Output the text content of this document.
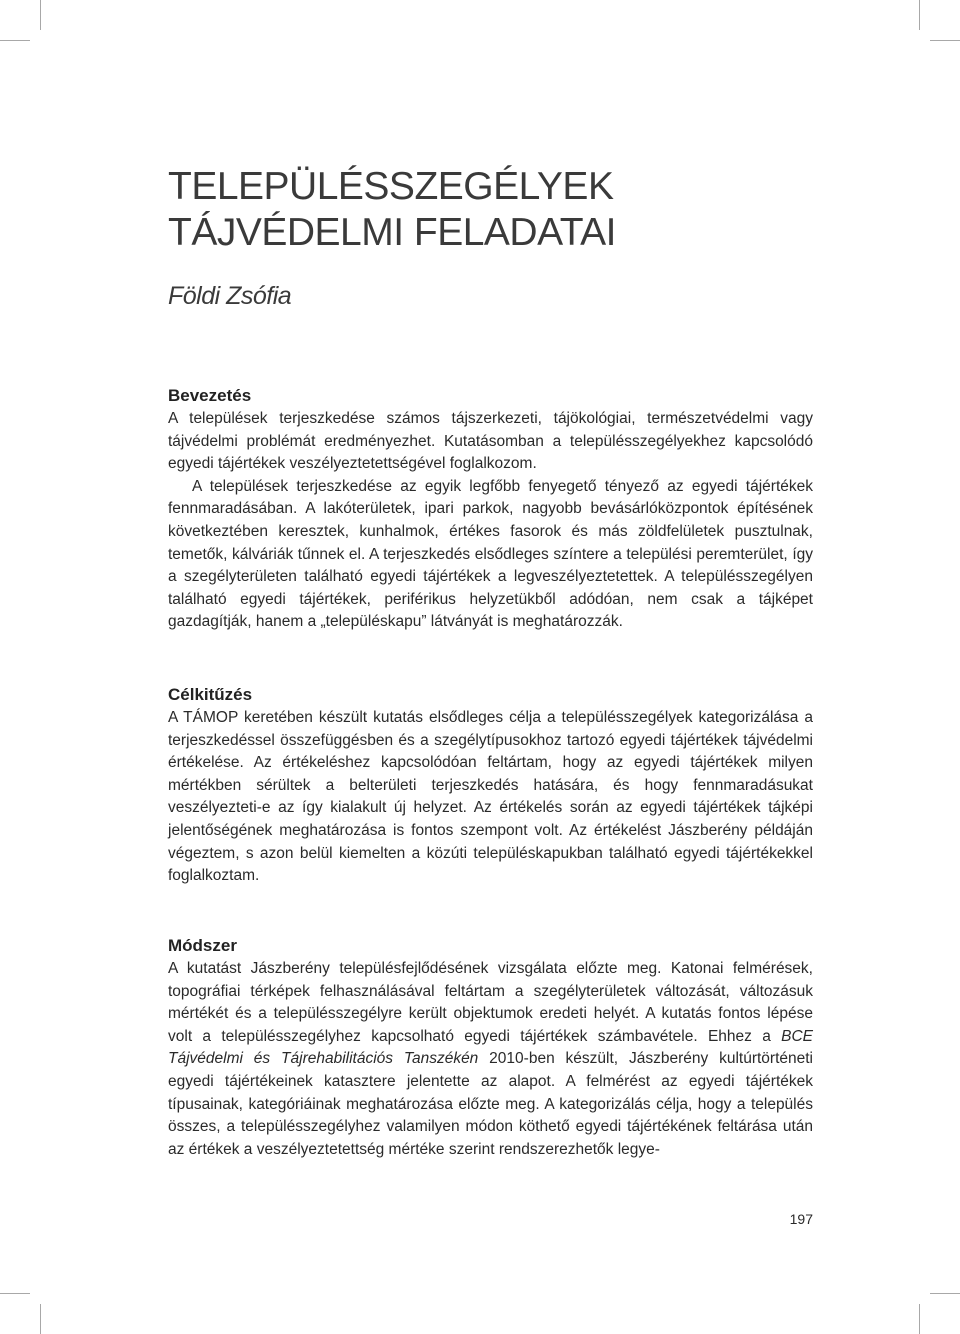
TELEPÜLÉSSZEGÉLYEK
TÁJVÉDELMI FELADATAI
Földi Zsófia
Bevezetés

A települések terjeszkedése számos tájszerkezeti, tájökológiai, természetvédelmi vagy tájvédelmi problémát eredményezhet. Kutatásomban a településszegélyekhez kapcsolódó egyedi tájértékek veszélyeztetettségével foglalkozom.

A települések terjeszkedése az egyik legfőbb fenyegető tényező az egyedi tájértékek fennmaradásában. A lakóterületek, ipari parkok, nagyobb bevásárlóközpontok építésének következtében keresztek, kunhalmok, értékes fasorok és más zöldfelületek pusztulnak, temetők, kálváriák tűnnek el. A terjeszkedés elsődleges színtere a települési peremterület, így a szegélyterületen található egyedi tájértékek a legveszélyeztetettek. A településszegélyen található egyedi tájértékek, periférikus helyzetükből adódóan, nem csak a tájképet gazdagítják, hanem a „településkapu” látványát is meghatározzák.

Célkitűzés

A TÁMOP keretében készült kutatás elsődleges célja a településszegélyek kategorizálása a terjeszkedéssel összefüggésben és a szegélytípusokhoz tartozó egyedi tájértékek tájvédelmi értékelése. Az értékeléshez kapcsolódóan feltártam, hogy az egyedi tájértékek milyen mértékben sérültek a belterületi terjeszkedés hatására, és hogy fennmaradásukat veszélyezteti-e az így kialakult új helyzet. Az értékelés során az egyedi tájértékek tájképi jelentőségének meghatározása is fontos szempont volt. Az értékelést Jászberény példáján végeztem, s azon belül kiemelten a közúti településkapukban található egyedi tájértékekkel foglalkoztam.

Módszer

A kutatást Jászberény településfejlődésének vizsgálata előzte meg. Katonai felmérések, topográfiai térképek felhasználásával feltártam a szegélyterületek változását, változásuk mértékét és a településszegélyre került objektumok eredeti helyét. A kutatás fontos lépése volt a településszegélyhez kapcsolható egyedi tájértékek számbavétele. Ehhez a BCE Tájvédelmi és Tájrehabilitációs Tanszékén 2010-ben készült, Jászberény kultúrtörténeti egyedi tájértékeinek katasztere jelentette az alapot. A felmérést az egyedi tájértékek típusainak, kategóriáinak meghatározása előzte meg. A kategorizálás célja, hogy a település összes, a településszegélyhez valamilyen módon köthető egyedi tájértékének feltárása után az értékek a veszélyeztetettség mértéke szerint rendszerezhetők legye-

197
